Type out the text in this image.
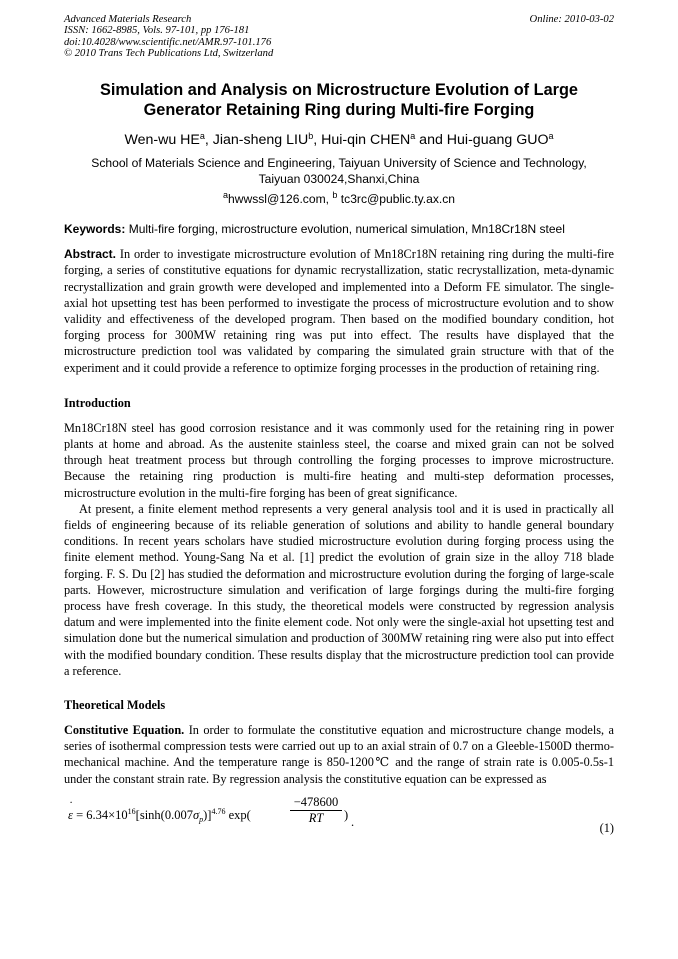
Advanced Materials Research
ISSN: 1662-8985, Vols. 97-101, pp 176-181
doi:10.4028/www.scientific.net/AMR.97-101.176
© 2010 Trans Tech Publications Ltd, Switzerland
Online: 2010-03-02
Simulation and Analysis on Microstructure Evolution of Large Generator Retaining Ring during Multi-fire Forging
Wen-wu $HE^a$, Jian-sheng LIU$^b$, Hui-qin CHEN$^a$ and Hui-guang GUO$^a$
School of Materials Science and Engineering, Taiyuan University of Science and Technology,
Taiyuan 030024,Shanxi,China
$^a$hwwssl@126.com, $^b$ tc3rc@public.ty.ax.cn
Keywords: Multi-fire forging, microstructure evolution, numerical simulation, Mn18Cr18N steel

Abstract. In order to investigate microstructure evolution of Mn18Cr18N retaining ring during the multi-fire forging, a series of constitutive equations for dynamic recrystallization, static recrystallization, meta-dynamic recrystallization and grain growth were developed and implemented into a Deform FE simulator. The single-axial hot upsetting test has been performed to investigate the process of microstructure evolution and to show validity and effectiveness of the developed program. Then based on the modified boundary condition, hot forging process for 300MW retaining ring was put into effect. The results have displayed that the microstructure prediction tool was validated by comparing the simulated grain structure with that of the experiment and it could provide a reference to optimize forging processes in the production of retaining ring.

Introduction

Mn18Cr18N steel has good corrosion resistance and it was commonly used for the retaining ring in power plants at home and abroad. As the austenite stainless steel, the coarse and mixed grain can not be solved through heat treatment process but through controlling the forging processes to improve microstructure. Because the retaining ring production is multi-fire heating and multi-step deformation processes, microstructure evolution in the multi-fire forging has been of great significance.

At present, a finite element method represents a very general analysis tool and it is used in practically all fields of engineering because of its reliable generation of solutions and ability to handle general boundary conditions. In recent years scholars have studied microstructure evolution during forging process using the finite element method. Young-Sang Na et al. [1] predict the evolution of grain size in the alloy 718 blade forging. F. S. Du [2] has studied the deformation and microstructure evolution during the forging of large-scale parts. However, microstructure simulation and verification of large forgings during the multi-fire forging process have fresh coverage. In this study, the theoretical models were constructed by regression analysis datum and were implemented into the finite element code. Not only were the single-axial hot upsetting test and simulation done but the numerical simulation and production of 300MW retaining ring were also put into effect with the modified boundary condition. These results display that the microstructure prediction tool can provide a reference.

Theoretical Models

Constitutive Equation. In order to formulate the constitutive equation and microstructure change models, a series of isothermal compression tests were carried out up to an axial strain of 0.7 on a Gleeble-1500D thermo-mechanical machine. And the temperature range is 850-1200℃ and the range of strain rate is 0.005-0.5s-1 under the constant strain rate. By regression analysis the constitutive equation can be expressed as

ε ˙ = $6.34\times 10^{16}[\sinh(0.007\sigma_p)]^{4.76}$ exp(	$\frac{-478600}{RT}$ ) .	(1)
